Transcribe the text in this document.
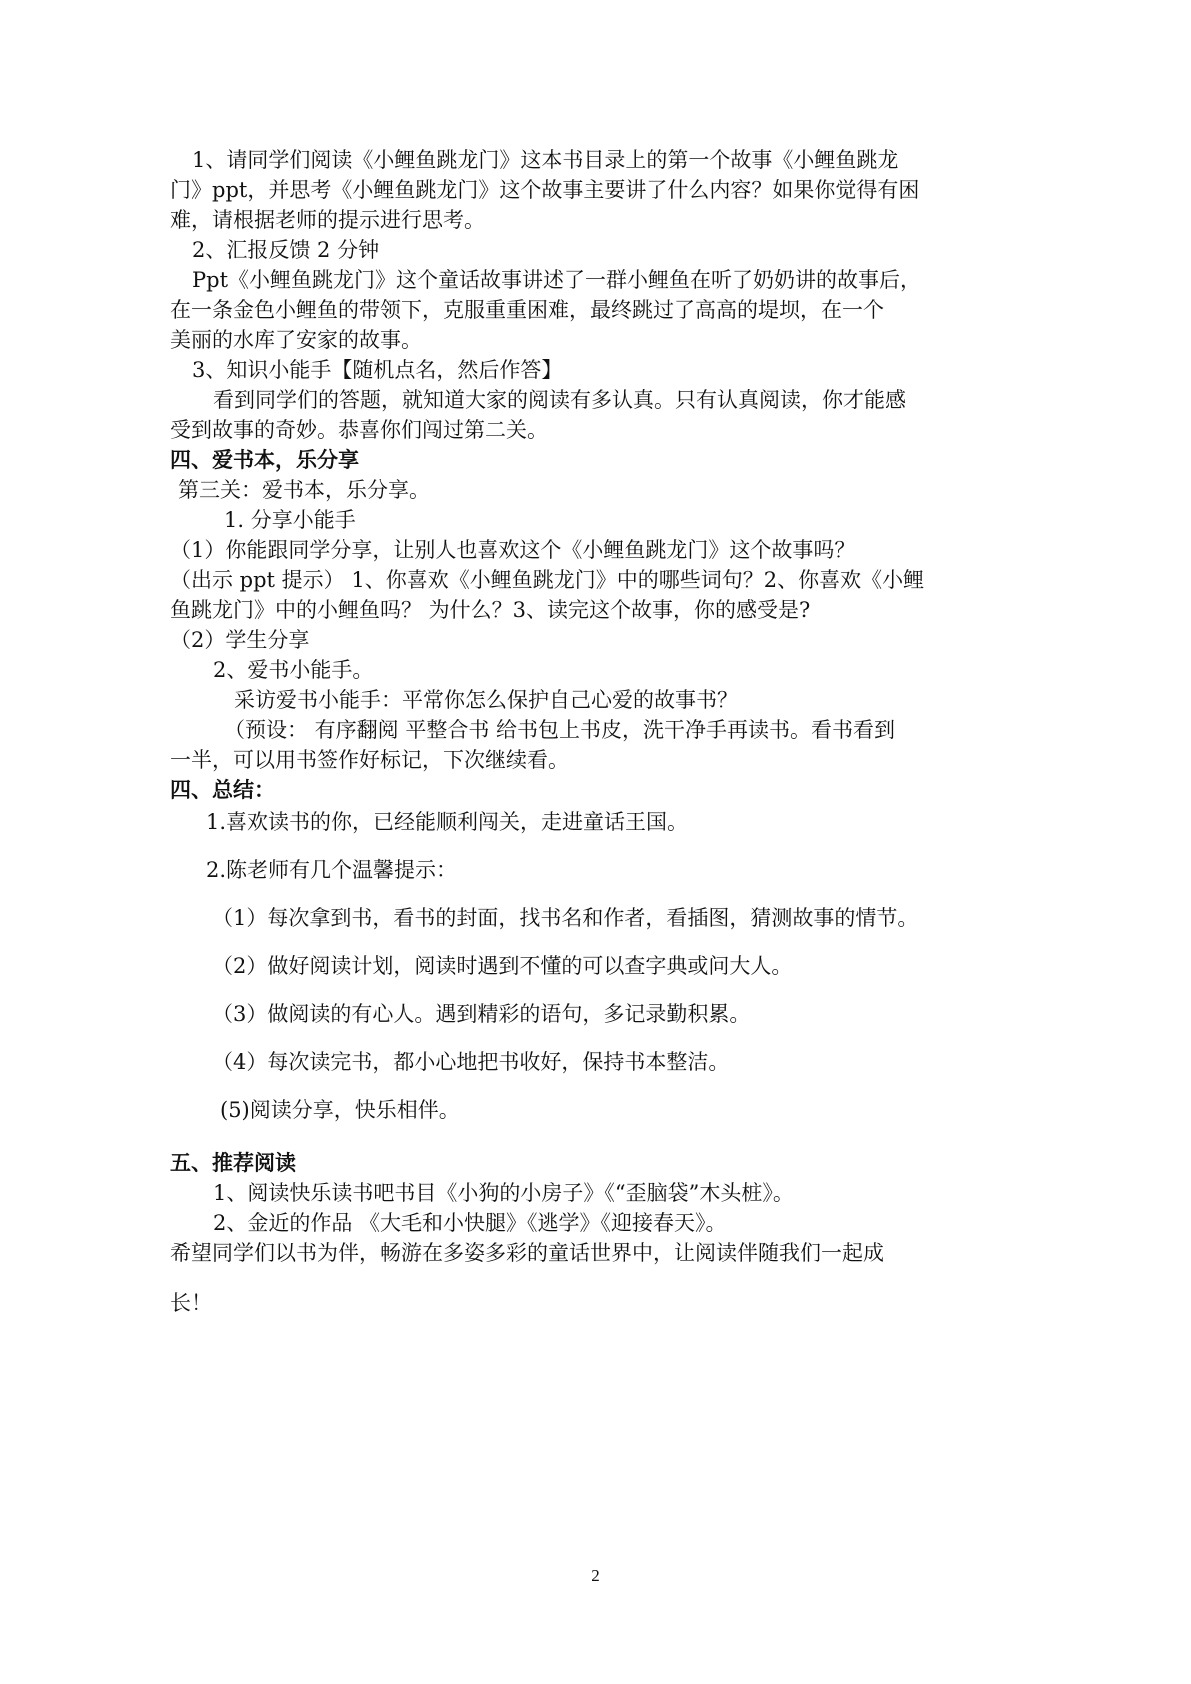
1、请同学们阅读《小鲤鱼跳龙门》这本书目录上的第一个故事《小鲤鱼跳龙
门》ppt，并思考《小鲤鱼跳龙门》这个故事主要讲了什么内容？如果你觉得有困
难，请根据老师的提示进行思考。
2、汇报反馈 2 分钟
Ppt《小鲤鱼跳龙门》这个童话故事讲述了一群小鲤鱼在听了奶奶讲的故事后，
在一条金色小鲤鱼的带领下，克服重重困难，最终跳过了高高的堤坝，在一个
美丽的水库了安家的故事。
3、知识小能手【随机点名，然后作答】
看到同学们的答题，就知道大家的阅读有多认真。只有认真阅读，你才能感
受到故事的奇妙。恭喜你们闯过第二关。
四、爱书本，乐分享
第三关：爱书本，乐分享。
1. 分享小能手
（1）你能跟同学分享，让别人也喜欢这个《小鲤鱼跳龙门》这个故事吗？
（出示 ppt 提示） 1、你喜欢《小鲤鱼跳龙门》中的哪些词句？2、你喜欢《小鲤
鱼跳龙门》中的小鲤鱼吗？ 为什么？3、读完这个故事，你的感受是?
（2）学生分享
2、爱书小能手。
采访爱书小能手：平常你怎么保护自己心爱的故事书？
（预设： 有序翻阅 平整合书 给书包上书皮，洗干净手再读书。看书看到
一半，可以用书签作好标记，下次继续看。
四、总结：
1.喜欢读书的你，已经能顺利闯关，走进童话王国。
2.陈老师有几个温馨提示：
（1）每次拿到书，看书的封面，找书名和作者，看插图，猜测故事的情节。
（2）做好阅读计划，阅读时遇到不懂的可以查字典或问大人。
（3）做阅读的有心人。遇到精彩的语句，多记录勤积累。
（4）每次读完书，都小心地把书收好，保持书本整洁。
(5)阅读分享，快乐相伴。
五、推荐阅读
1、阅读快乐读书吧书目《小狗的小房子》《“歪脑袋”木头桩》。
2、金近的作品 《大毛和小快腿》《逃学》《迎接春天》。
希望同学们以书为伴，畅游在多姿多彩的童话世界中，让阅读伴随我们一起成
长！
2
